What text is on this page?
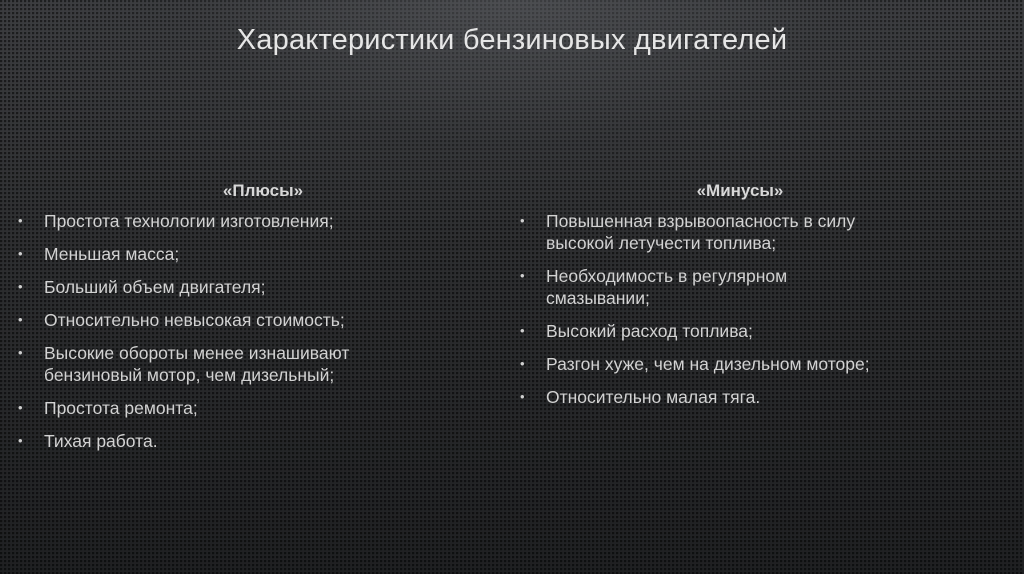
Характеристики бензиновых двигателей
«Плюсы»
•	Простота технологии изготовления;
•	Меньшая масса;
•	Больший объем двигателя;
•	Относительно невысокая стоимость;
•	Высокие обороты менее изнашивают бензиновый мотор, чем дизельный;
•	Простота ремонта;
•	Тихая работа.
«Минусы»
•	Повышенная взрывоопасность в силу высокой летучести топлива;
•	Необходимость в регулярном смазывании;
•	Высокий расход топлива;
•	Разгон хуже, чем на дизельном моторе;
•	Относительно малая тяга.
